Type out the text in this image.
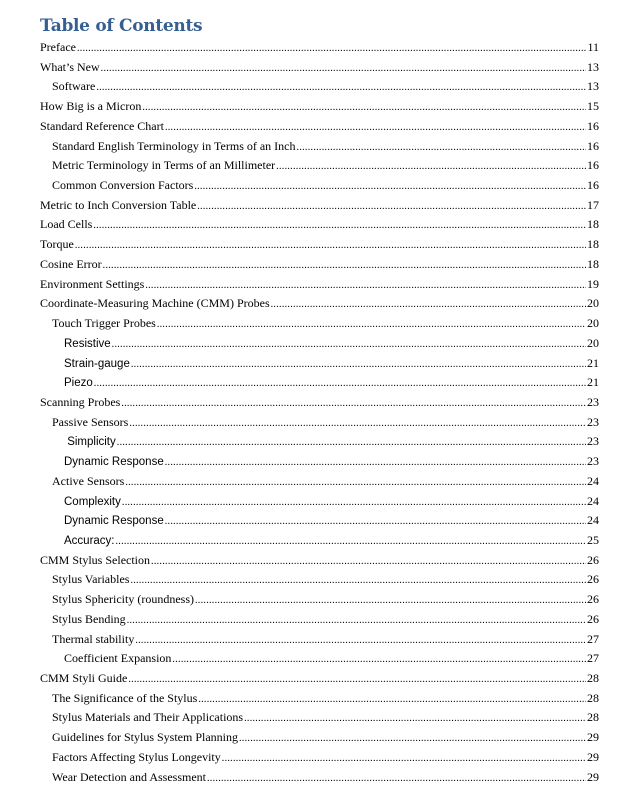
Table of Contents
Preface .....	11
What’s New .....	13
Software .....	13
How Big is a Micron .....	15
Standard Reference Chart .....	16
Standard English Terminology in Terms of an Inch .....	16
Metric Terminology in Terms of an Millimeter .....	16
Common Conversion Factors .....	16
Metric to Inch Conversion Table .....	17
Load Cells .....	18
Torque .....	18
Cosine Error .....	18
Environment Settings .....	19
Coordinate-Measuring Machine (CMM) Probes .....	20
Touch Trigger Probes .....	20
Resistive .....	20
Strain-gauge .....	21
Piezo .....	21
Scanning Probes .....	23
Passive Sensors .....	23
Simplicity .....	23
Dynamic Response .....	23
Active Sensors .....	24
Complexity .....	24
Dynamic Response .....	24
Accuracy: .....	25
CMM Stylus Selection .....	26
Stylus Variables .....	26
Stylus Sphericity (roundness) .....	26
Stylus Bending .....	26
Thermal stability .....	27
Coefficient Expansion .....	27
CMM Styli Guide .....	28
The Significance of the Stylus .....	28
Stylus Materials and Their Applications .....	28
Guidelines for Stylus System Planning .....	29
Factors Affecting Stylus Longevity .....	29
Wear Detection and Assessment .....	29
